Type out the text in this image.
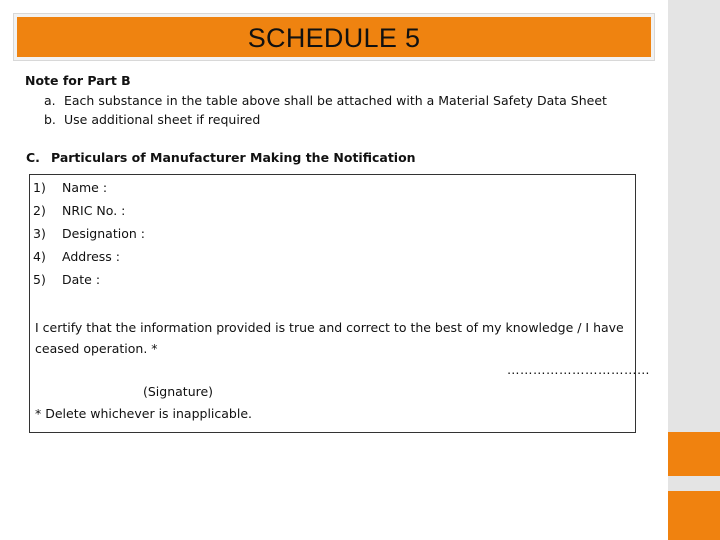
SCHEDULE 5
Note for Part B
a. Each substance in the table above shall be attached with a Material Safety Data Sheet
b. Use additional sheet if required
C. Particulars of Manufacturer Making the Notification
1)	Name :
2)	NRIC No. :
3)	Designation :
4)	Address :
5)	Date :
I certify that the information provided is true and correct to the best of my knowledge / I have ceased operation. *
……………………………
(Signature)
* Delete whichever is inapplicable.
